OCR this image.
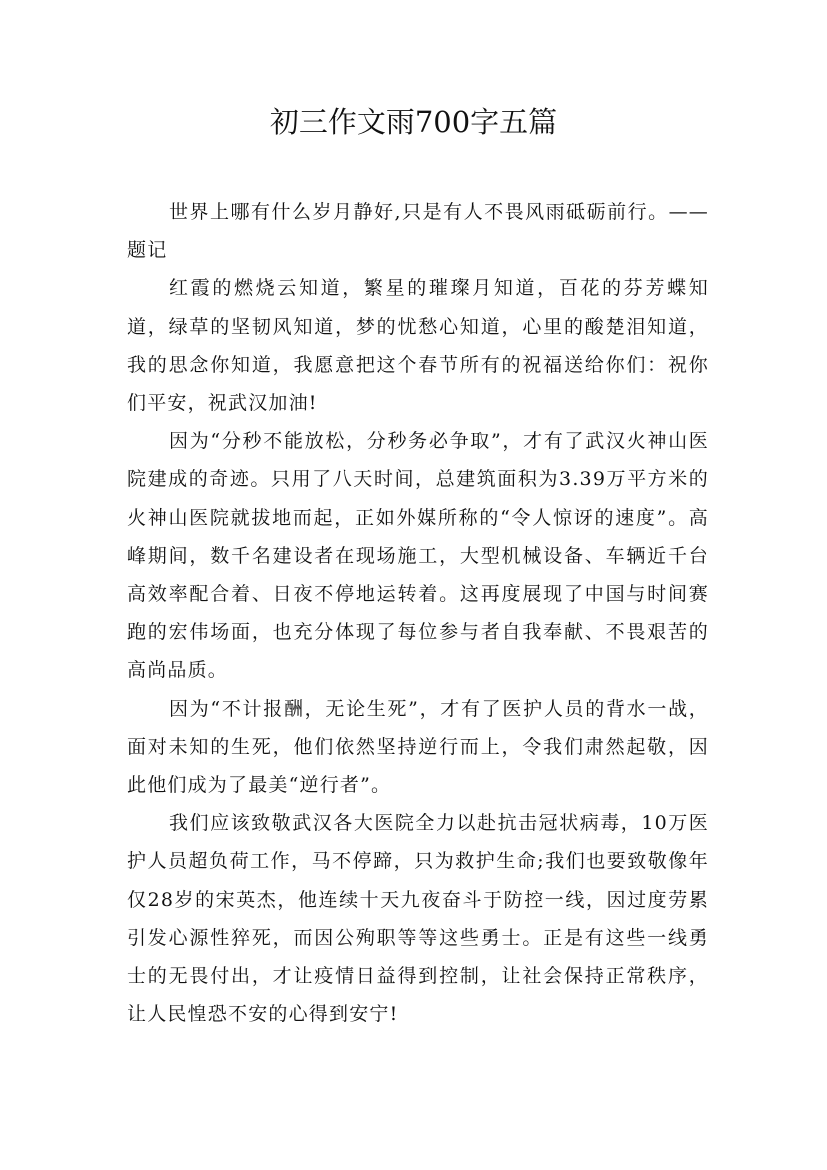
初三作文雨700字五篇

世界上哪有什么岁月静好,只是有人不畏风雨砥砺前行。——题记

红霞的燃烧云知道，繁星的璀璨月知道，百花的芬芳蝶知道，绿草的坚韧风知道，梦的忧愁心知道，心里的酸楚泪知道，我的思念你知道，我愿意把这个春节所有的祝福送给你们：祝你们平安，祝武汉加油!

因为“分秒不能放松，分秒务必争取”，才有了武汉火神山医院建成的奇迹。只用了八天时间，总建筑面积为3.39万平方米的火神山医院就拔地而起，正如外媒所称的“令人惊讶的速度”。高峰期间，数千名建设者在现场施工，大型机械设备、车辆近千台高效率配合着、日夜不停地运转着。这再度展现了中国与时间赛跑的宏伟场面，也充分体现了每位参与者自我奉献、不畏艰苦的高尚品质。

因为“不计报酬，无论生死”，才有了医护人员的背水一战，面对未知的生死，他们依然坚持逆行而上，令我们肃然起敬，因此他们成为了最美“逆行者”。

我们应该致敬武汉各大医院全力以赴抗击冠状病毒，10万医护人员超负荷工作，马不停蹄，只为救护生命;我们也要致敬像年仅28岁的宋英杰，他连续十天九夜奋斗于防控一线，因过度劳累引发心源性猝死，而因公殉职等等这些勇士。正是有这些一线勇士的无畏付出，才让疫情日益得到控制，让社会保持正常秩序，让人民惶恐不安的心得到安宁!
